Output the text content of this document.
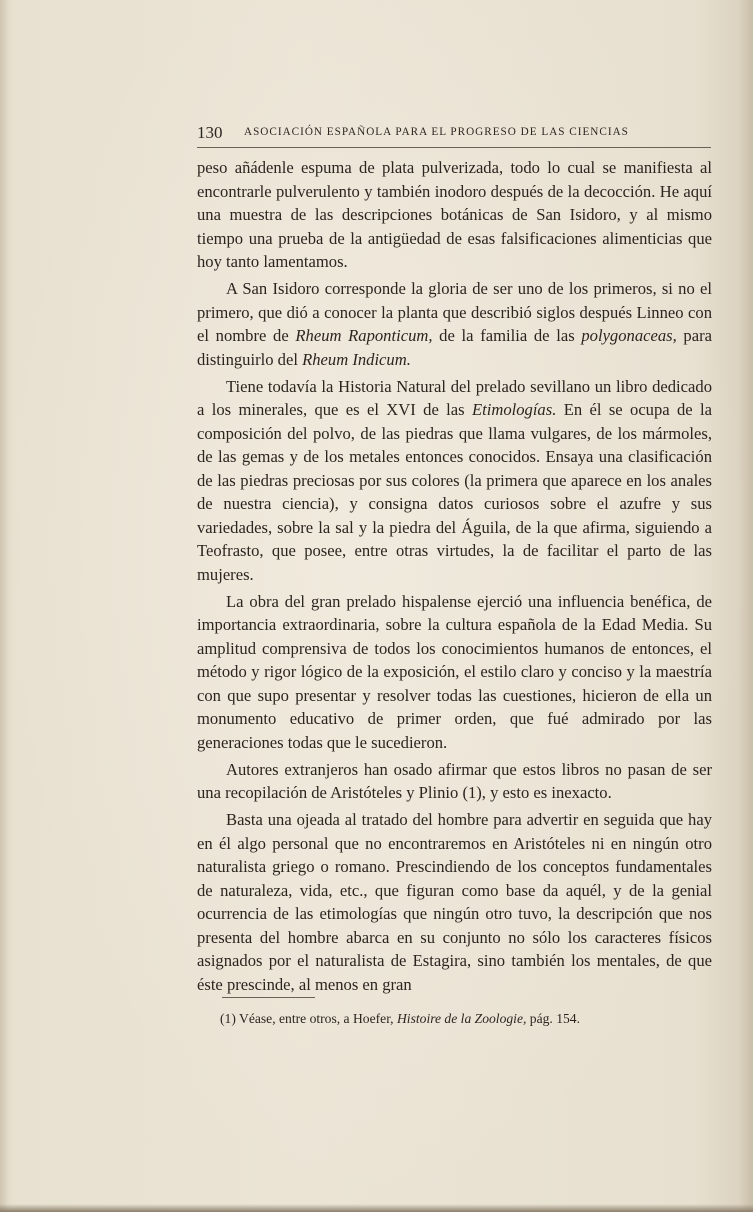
130 ASOCIACIÓN ESPAÑOLA PARA EL PROGRESO DE LAS CIENCIAS

peso añádenle espuma de plata pulverizada, todo lo cual se manifiesta al encontrarle pulverulento y también inodoro después de la decocción. He aquí una muestra de las descripciones botánicas de San Isidoro, y al mismo tiempo una prueba de la antigüedad de esas falsificaciones alimenticias que hoy tanto lamentamos.

A San Isidoro corresponde la gloria de ser uno de los primeros, si no el primero, que dió a conocer la planta que describió siglos después Linneo con el nombre de Rheum Raponticum, de la familia de las polygonaceas, para distinguirlo del Rheum Indicum.

Tiene todavía la Historia Natural del prelado sevillano un libro dedicado a los minerales, que es el XVI de las Etimologías. En él se ocupa de la composición del polvo, de las piedras que llama vulgares, de los mármoles, de las gemas y de los metales entonces conocidos. Ensaya una clasificación de las piedras preciosas por sus colores (la primera que aparece en los anales de nuestra ciencia), y consigna datos curiosos sobre el azufre y sus variedades, sobre la sal y la piedra del Águila, de la que afirma, siguiendo a Teofrasto, que posee, entre otras virtudes, la de facilitar el parto de las mujeres.

La obra del gran prelado hispalense ejerció una influencia benéfica, de importancia extraordinaria, sobre la cultura española de la Edad Media. Su amplitud comprensiva de todos los conocimientos humanos de entonces, el método y rigor lógico de la exposición, el estilo claro y conciso y la maestría con que supo presentar y resolver todas las cuestiones, hicieron de ella un monumento educativo de primer orden, que fué admirado por las generaciones todas que le sucedieron.

Autores extranjeros han osado afirmar que estos libros no pasan de ser una recopilación de Aristóteles y Plinio (1), y esto es inexacto.

Basta una ojeada al tratado del hombre para advertir en seguida que hay en él algo personal que no encontraremos en Aristóteles ni en ningún otro naturalista griego o romano. Prescindiendo de los conceptos fundamentales de naturaleza, vida, etc., que figuran como base da aquél, y de la genial ocurrencia de las etimologías que ningún otro tuvo, la descripción que nos presenta del hombre abarca en su conjunto no sólo los caracteres físicos asignados por el naturalista de Estagira, sino también los mentales, de que éste prescinde, al menos en gran

(1) Véase, entre otros, a Hoefer, Histoire de la Zoologie, pág. 154.
